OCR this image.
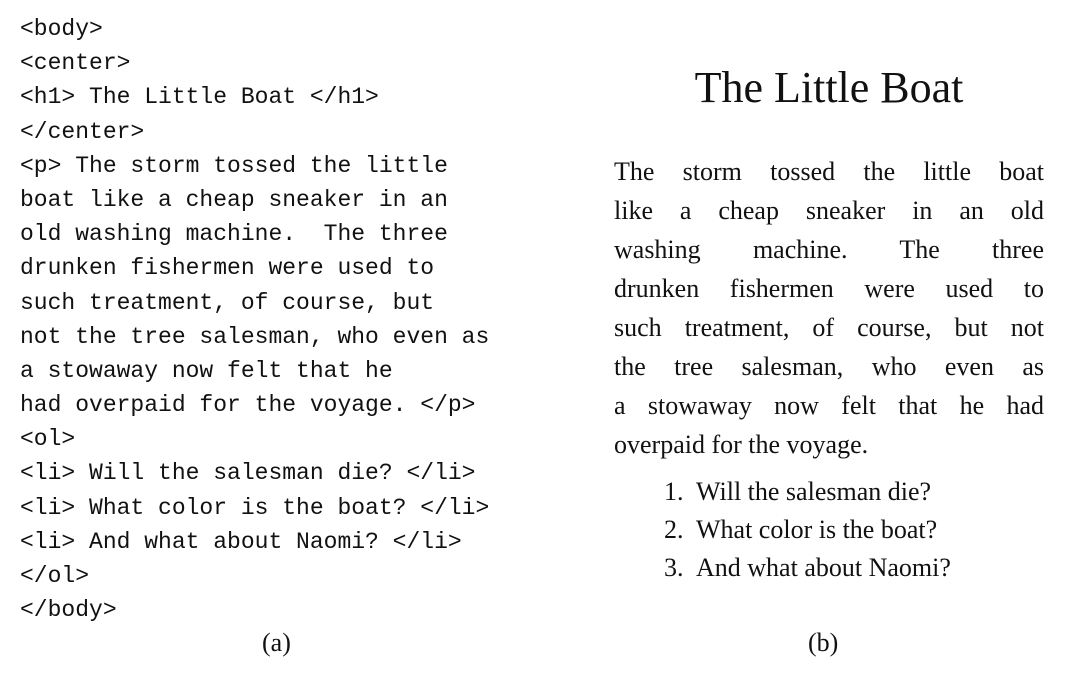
<body>
<center>
<h1> The Little Boat </h1>
</center>
<p> The storm tossed the little
boat like a cheap sneaker in an
old washing machine.  The three
drunken fishermen were used to
such treatment, of course, but
not the tree salesman, who even as
a stowaway now felt that he
had overpaid for the voyage. </p>
<ol>
<li> Will the salesman die? </li>
<li> What color is the boat? </li>
<li> And what about Naomi? </li>
</ol>
</body>
The Little Boat
The storm tossed the little boat
like a cheap sneaker in an old
washing machine. The three
drunken fishermen were used to
such treatment, of course, but not
the tree salesman, who even as
a stowaway now felt that he had
overpaid for the voyage.
1. Will the salesman die?
2. What color is the boat?
3. And what about Naomi?
(a)	(b)
